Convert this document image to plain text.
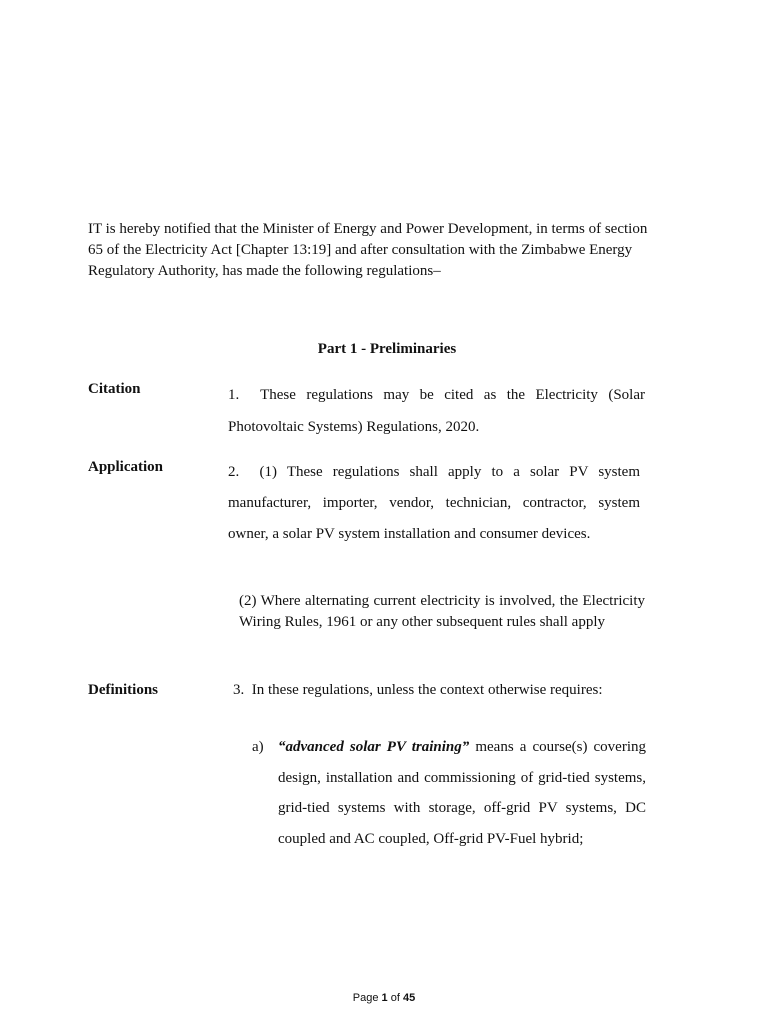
IT is hereby notified that the Minister of Energy and Power Development, in terms of section 65 of the Electricity Act [Chapter 13:19] and after consultation with the Zimbabwe Energy Regulatory Authority, has made the following regulations–

Part 1 - Preliminaries

Citation	1. These regulations may be cited as the Electricity (Solar Photovoltaic Systems) Regulations, 2020.

Application	2. (1) These regulations shall apply to a solar PV system manufacturer, importer, vendor, technician, contractor, system owner, a solar PV system installation and consumer devices.

(2) Where alternating current electricity is involved, the Electricity Wiring Rules, 1961 or any other subsequent rules shall apply

Definitions	3. In these regulations, unless the context otherwise requires:

a) “advanced solar PV training” means a course(s) covering design, installation and commissioning of grid-tied systems, grid-tied systems with storage, off-grid PV systems, DC coupled and AC coupled, Off-grid PV-Fuel hybrid;

Page 1 of 45
